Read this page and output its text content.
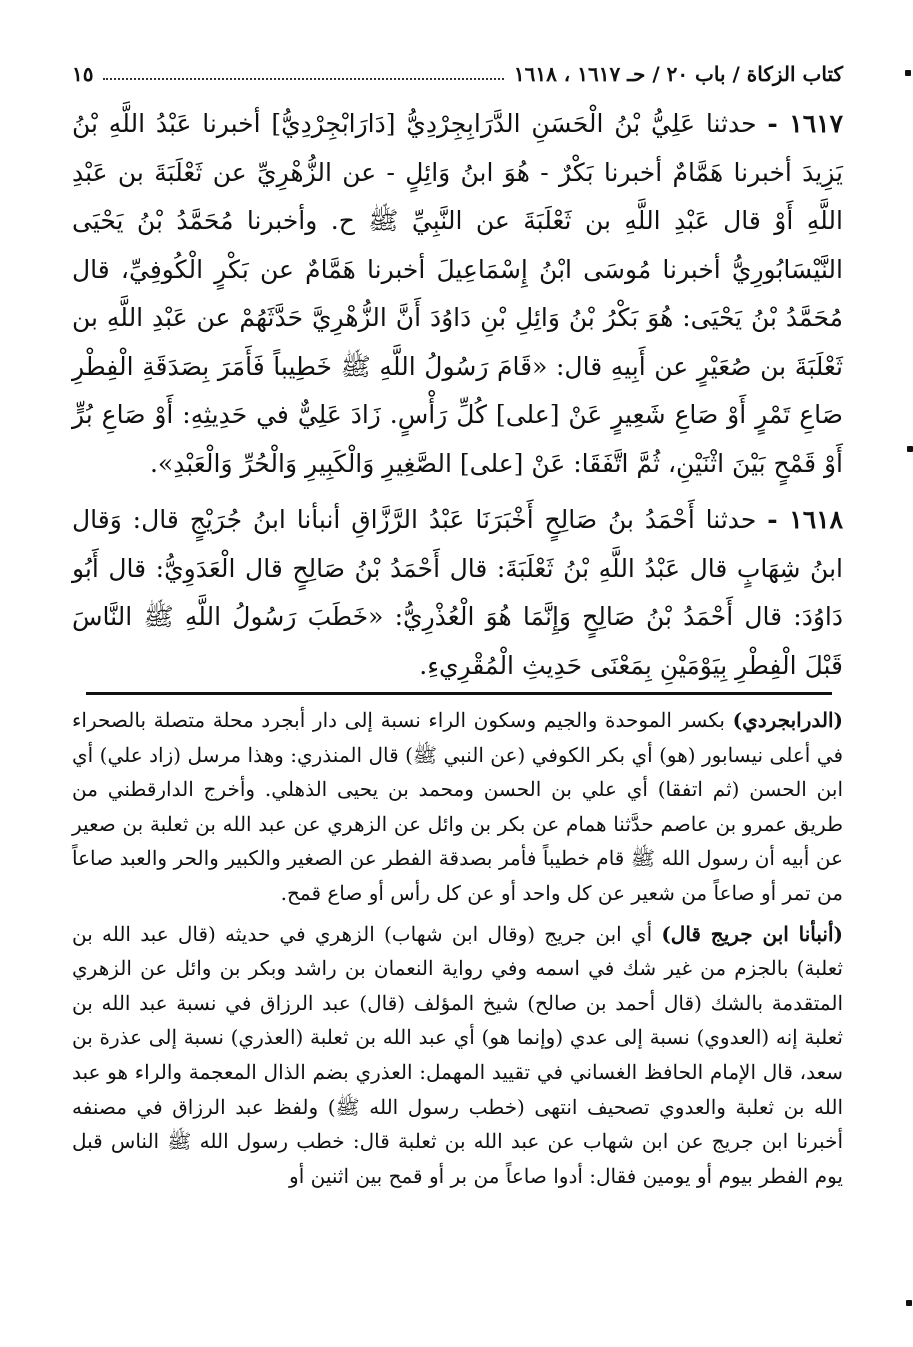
كتاب الزكاة / باب ٢٠ / حـ ١٦١٧ ، ١٦١٨
١٥

١٦١٧ - حدثنا عَلِيُّ بْنُ الْحَسَنِ الدَّرَابِجِرْدِيُّ [دَارَابْجِرْدِيُّ] أخبرنا عَبْدُ اللَّهِ بْنُ يَزِيدَ أخبرنا هَمَّامٌ أخبرنا بَكْرٌ - هُوَ ابنُ وَائِلٍ - عن الزُّهْرِيِّ عن ثَعْلَبَةَ بن عَبْدِ اللَّهِ أَوْ قال عَبْدِ اللَّهِ بن ثَعْلَبَةَ عن النَّبِيِّ ﷺ ح. وأخبرنا مُحَمَّدُ بْنُ يَحْيَى النَّيْسَابُورِيُّ أخبرنا مُوسَى ابْنُ إِسْمَاعِيلَ أخبرنا هَمَّامٌ عن بَكْرٍ الْكُوفِيِّ، قال مُحَمَّدُ بْنُ يَحْيَى: هُوَ بَكْرُ بْنُ وَائِلِ بْنِ دَاوُدَ أَنَّ الزُّهْرِيَّ حَدَّثَهُمْ عن عَبْدِ اللَّهِ بن ثَعْلَبَةَ بن صُعَيْرٍ عن أَبِيهِ قال: «قَامَ رَسُولُ اللَّهِ ﷺ خَطِيباً فَأَمَرَ بِصَدَقَةِ الْفِطْرِ صَاعِ تَمْرٍ أَوْ صَاعِ شَعِيرٍ عَنْ [على] كُلِّ رَأْسٍ. زَادَ عَلِيٌّ في حَدِيثِهِ: أَوْ صَاعِ بُرٍّ أَوْ قَمْحٍ بَيْنَ اثْنَيْنِ، ثُمَّ اتَّفَقَا: عَنْ [على] الصَّغِيرِ وَالْكَبِيرِ وَالْحُرِّ وَالْعَبْدِ».

١٦١٨ - حدثنا أَحْمَدُ بنُ صَالِحٍ أَخْبَرَنَا عَبْدُ الرَّزَّاقِ أنبأنا ابنُ جُرَيْجٍ قال: وَقال ابنُ شِهَابٍ قال عَبْدُ اللَّهِ بْنُ ثَعْلَبَةَ: قال أَحْمَدُ بْنُ صَالِحٍ قال الْعَدَوِيُّ: قال أَبُو دَاوُدَ: قال أَحْمَدُ بْنُ صَالِحٍ وَإِنَّمَا هُوَ الْعُذْرِيُّ: «خَطَبَ رَسُولُ اللَّهِ ﷺ النَّاسَ قَبْلَ الْفِطْرِ بِيَوْمَيْنِ بِمَعْنَى حَدِيثِ الْمُقْرِيءِ.

(الدرابجردي) بكسر الموحدة والجيم وسكون الراء نسبة إلى دار أبجرد محلة متصلة بالصحراء في أعلى نيسابور (هو) أي بكر الكوفي (عن النبي ﷺ) قال المنذري: وهذا مرسل (زاد علي) أي ابن الحسن (ثم اتفقا) أي علي بن الحسن ومحمد بن يحيى الذهلي. وأخرج الدارقطني من طريق عمرو بن عاصم حدَّثنا همام عن بكر بن وائل عن الزهري عن عبد الله بن ثعلبة بن صعير عن أبيه أن رسول الله ﷺ قام خطيباً فأمر بصدقة الفطر عن الصغير والكبير والحر والعبد صاعاً من تمر أو صاعاً من شعير عن كل واحد أو عن كل رأس أو صاع قمح.

(أنبأنا ابن جريج قال) أي ابن جريج (وقال ابن شهاب) الزهري في حديثه (قال عبد الله بن ثعلبة) بالجزم من غير شك في اسمه وفي رواية النعمان بن راشد وبكر بن وائل عن الزهري المتقدمة بالشك (قال أحمد بن صالح) شيخ المؤلف (قال) عبد الرزاق في نسبة عبد الله بن ثعلبة إنه (العدوي) نسبة إلى عدي (وإنما هو) أي عبد الله بن ثعلبة (العذري) نسبة إلى عذرة بن سعد، قال الإمام الحافظ الغساني في تقييد المهمل: العذري بضم الذال المعجمة والراء هو عبد الله بن ثعلبة والعدوي تصحيف انتهى (خطب رسول الله ﷺ) ولفظ عبد الرزاق في مصنفه أخبرنا ابن جريج عن ابن شهاب عن عبد الله بن ثعلبة قال: خطب رسول الله ﷺ الناس قبل يوم الفطر بيوم أو يومين فقال: أدوا صاعاً من بر أو قمح بين اثنين أو
